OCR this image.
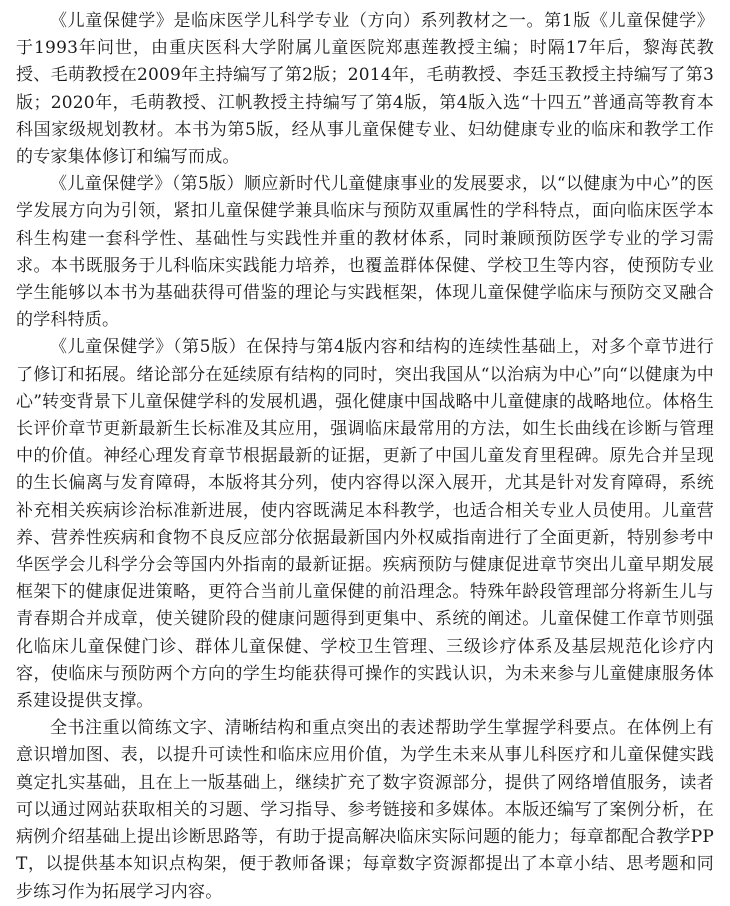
《儿童保健学》是临床医学儿科学专业（方向）系列教材之一。第1版《儿童保健学》于1993年问世，由重庆医科大学附属儿童医院郑惠莲教授主编；时隔17年后，黎海芪教授、毛萌教授在2009年主持编写了第2版；2014年，毛萌教授、李廷玉教授主持编写了第3版；2020年，毛萌教授、江帆教授主持编写了第4版，第4版入选“十四五”普通高等教育本科国家级规划教材。本书为第5版，经从事儿童保健专业、妇幼健康专业的临床和教学工作的专家集体修订和编写而成。

《儿童保健学》（第5版）顺应新时代儿童健康事业的发展要求，以“以健康为中心”的医学发展方向为引领，紧扣儿童保健学兼具临床与预防双重属性的学科特点，面向临床医学本科生构建一套科学性、基础性与实践性并重的教材体系，同时兼顾预防医学专业的学习需求。本书既服务于儿科临床实践能力培养，也覆盖群体保健、学校卫生等内容，使预防专业学生能够以本书为基础获得可借鉴的理论与实践框架，体现儿童保健学临床与预防交叉融合的学科特质。

《儿童保健学》（第5版）在保持与第4版内容和结构的连续性基础上，对多个章节进行了修订和拓展。绪论部分在延续原有结构的同时，突出我国从“以治病为中心”向“以健康为中心”转变背景下儿童保健学科的发展机遇，强化健康中国战略中儿童健康的战略地位。体格生长评价章节更新最新生长标准及其应用，强调临床最常用的方法，如生长曲线在诊断与管理中的价值。神经心理发育章节根据最新的证据，更新了中国儿童发育里程碑。原先合并呈现的生长偏离与发育障碍，本版将其分列，使内容得以深入展开，尤其是针对发育障碍，系统补充相关疾病诊治标准新进展，使内容既满足本科教学，也适合相关专业人员使用。儿童营养、营养性疾病和食物不良反应部分依据最新国内外权威指南进行了全面更新，特别参考中华医学会儿科学分会等国内外指南的最新证据。疾病预防与健康促进章节突出儿童早期发展框架下的健康促进策略，更符合当前儿童保健的前沿理念。特殊年龄段管理部分将新生儿与青春期合并成章，使关键阶段的健康问题得到更集中、系统的阐述。儿童保健工作章节则强化临床儿童保健门诊、群体儿童保健、学校卫生管理、三级诊疗体系及基层规范化诊疗内容，使临床与预防两个方向的学生均能获得可操作的实践认识，为未来参与儿童健康服务体系建设提供支撑。

全书注重以简练文字、清晰结构和重点突出的表述帮助学生掌握学科要点。在体例上有意识增加图、表，以提升可读性和临床应用价值，为学生未来从事儿科医疗和儿童保健实践奠定扎实基础，且在上一版基础上，继续扩充了数字资源部分，提供了网络增值服务，读者可以通过网站获取相关的习题、学习指导、参考链接和多媒体。本版还编写了案例分析，在病例介绍基础上提出诊断思路等，有助于提高解决临床实际问题的能力；每章都配合教学PPT，以提供基本知识点构架，便于教师备课；每章数字资源都提出了本章小结、思考题和同步练习作为拓展学习内容。
